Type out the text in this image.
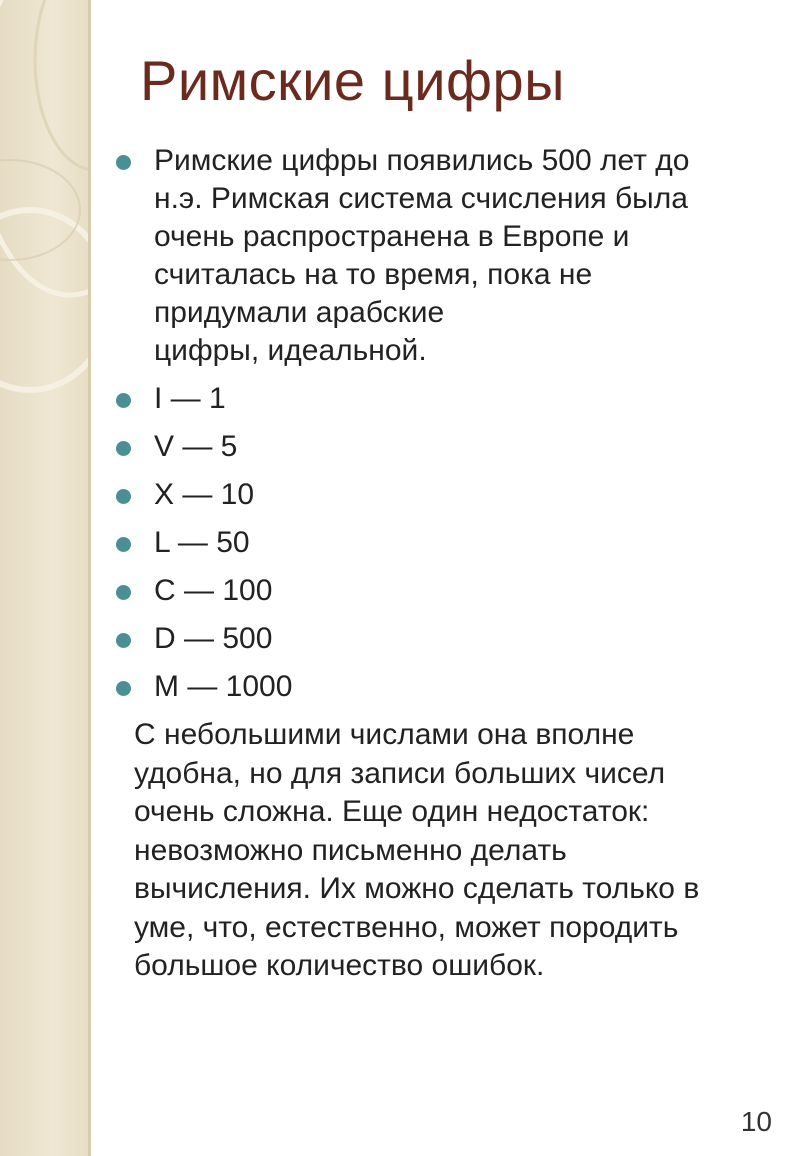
Римские цифры
Римские цифры появились 500 лет до
н.э. Римская система счисления была
очень распространена в Европе и
считалась на то время, пока не
придумали арабские
цифры, идеальной.
I — 1
V — 5
X — 10
L — 50
C — 100
D — 500
M — 1000
С небольшими числами она вполне
удобна, но для записи больших чисел
очень сложна. Еще один недостаток:
невозможно письменно делать
вычисления. Их можно сделать только в
уме, что, естественно, может породить
большое количество ошибок.
10
